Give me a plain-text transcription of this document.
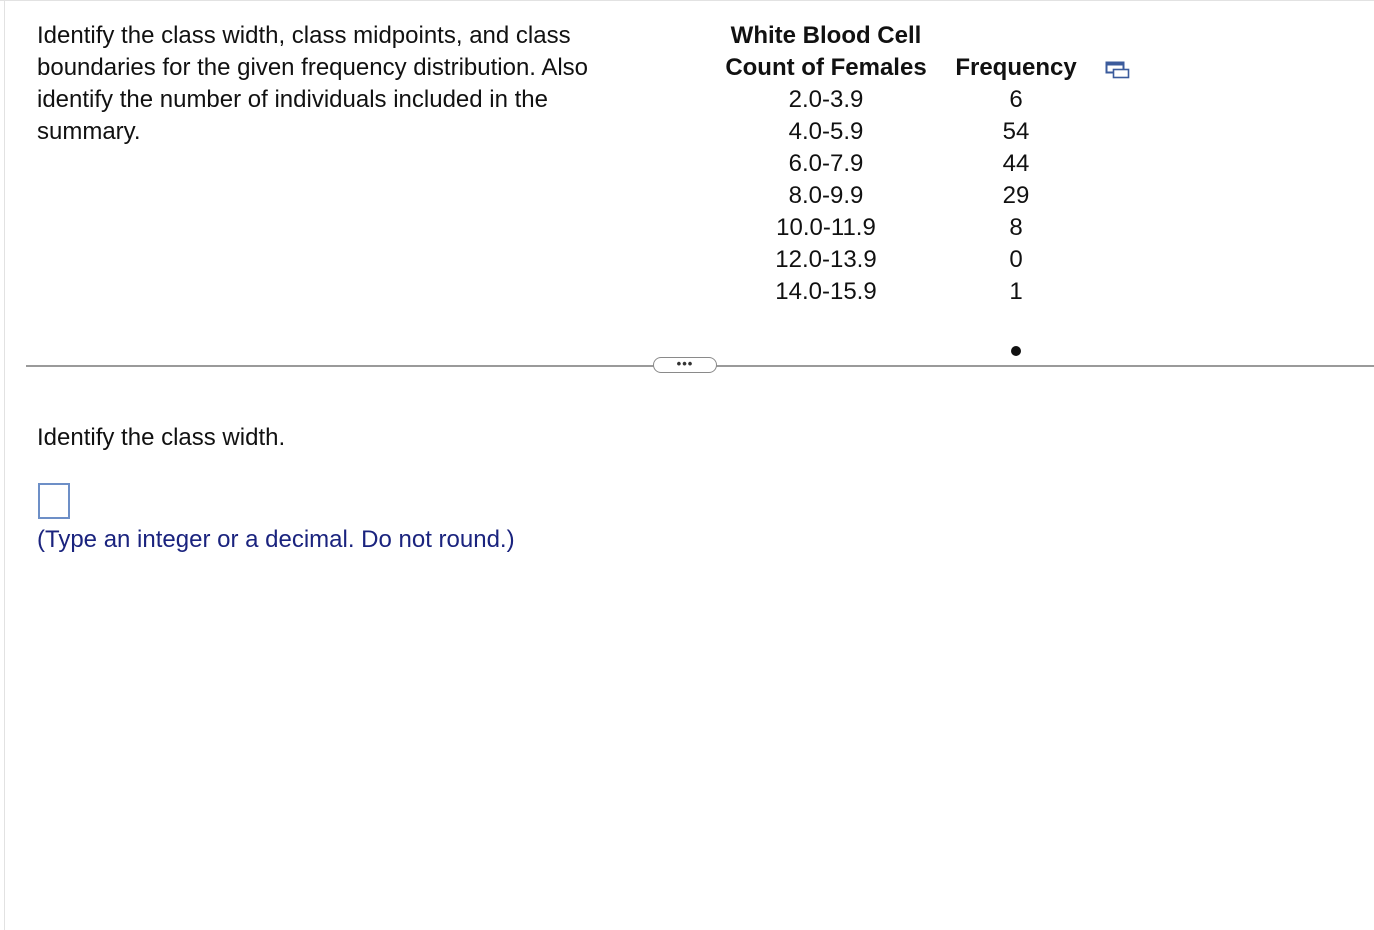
Identify the class width, class midpoints, and class boundaries for the given frequency distribution. Also identify the number of individuals included in the summary.
White Blood Cell
Count of Females	Frequency
2.0-3.9	6
4.0-5.9	54
6.0-7.9	44
8.0-9.9	29
10.0-11.9	8
12.0-13.9	0
14.0-15.9	1
•••
Identify the class width.
(Type an integer or a decimal. Do not round.)
